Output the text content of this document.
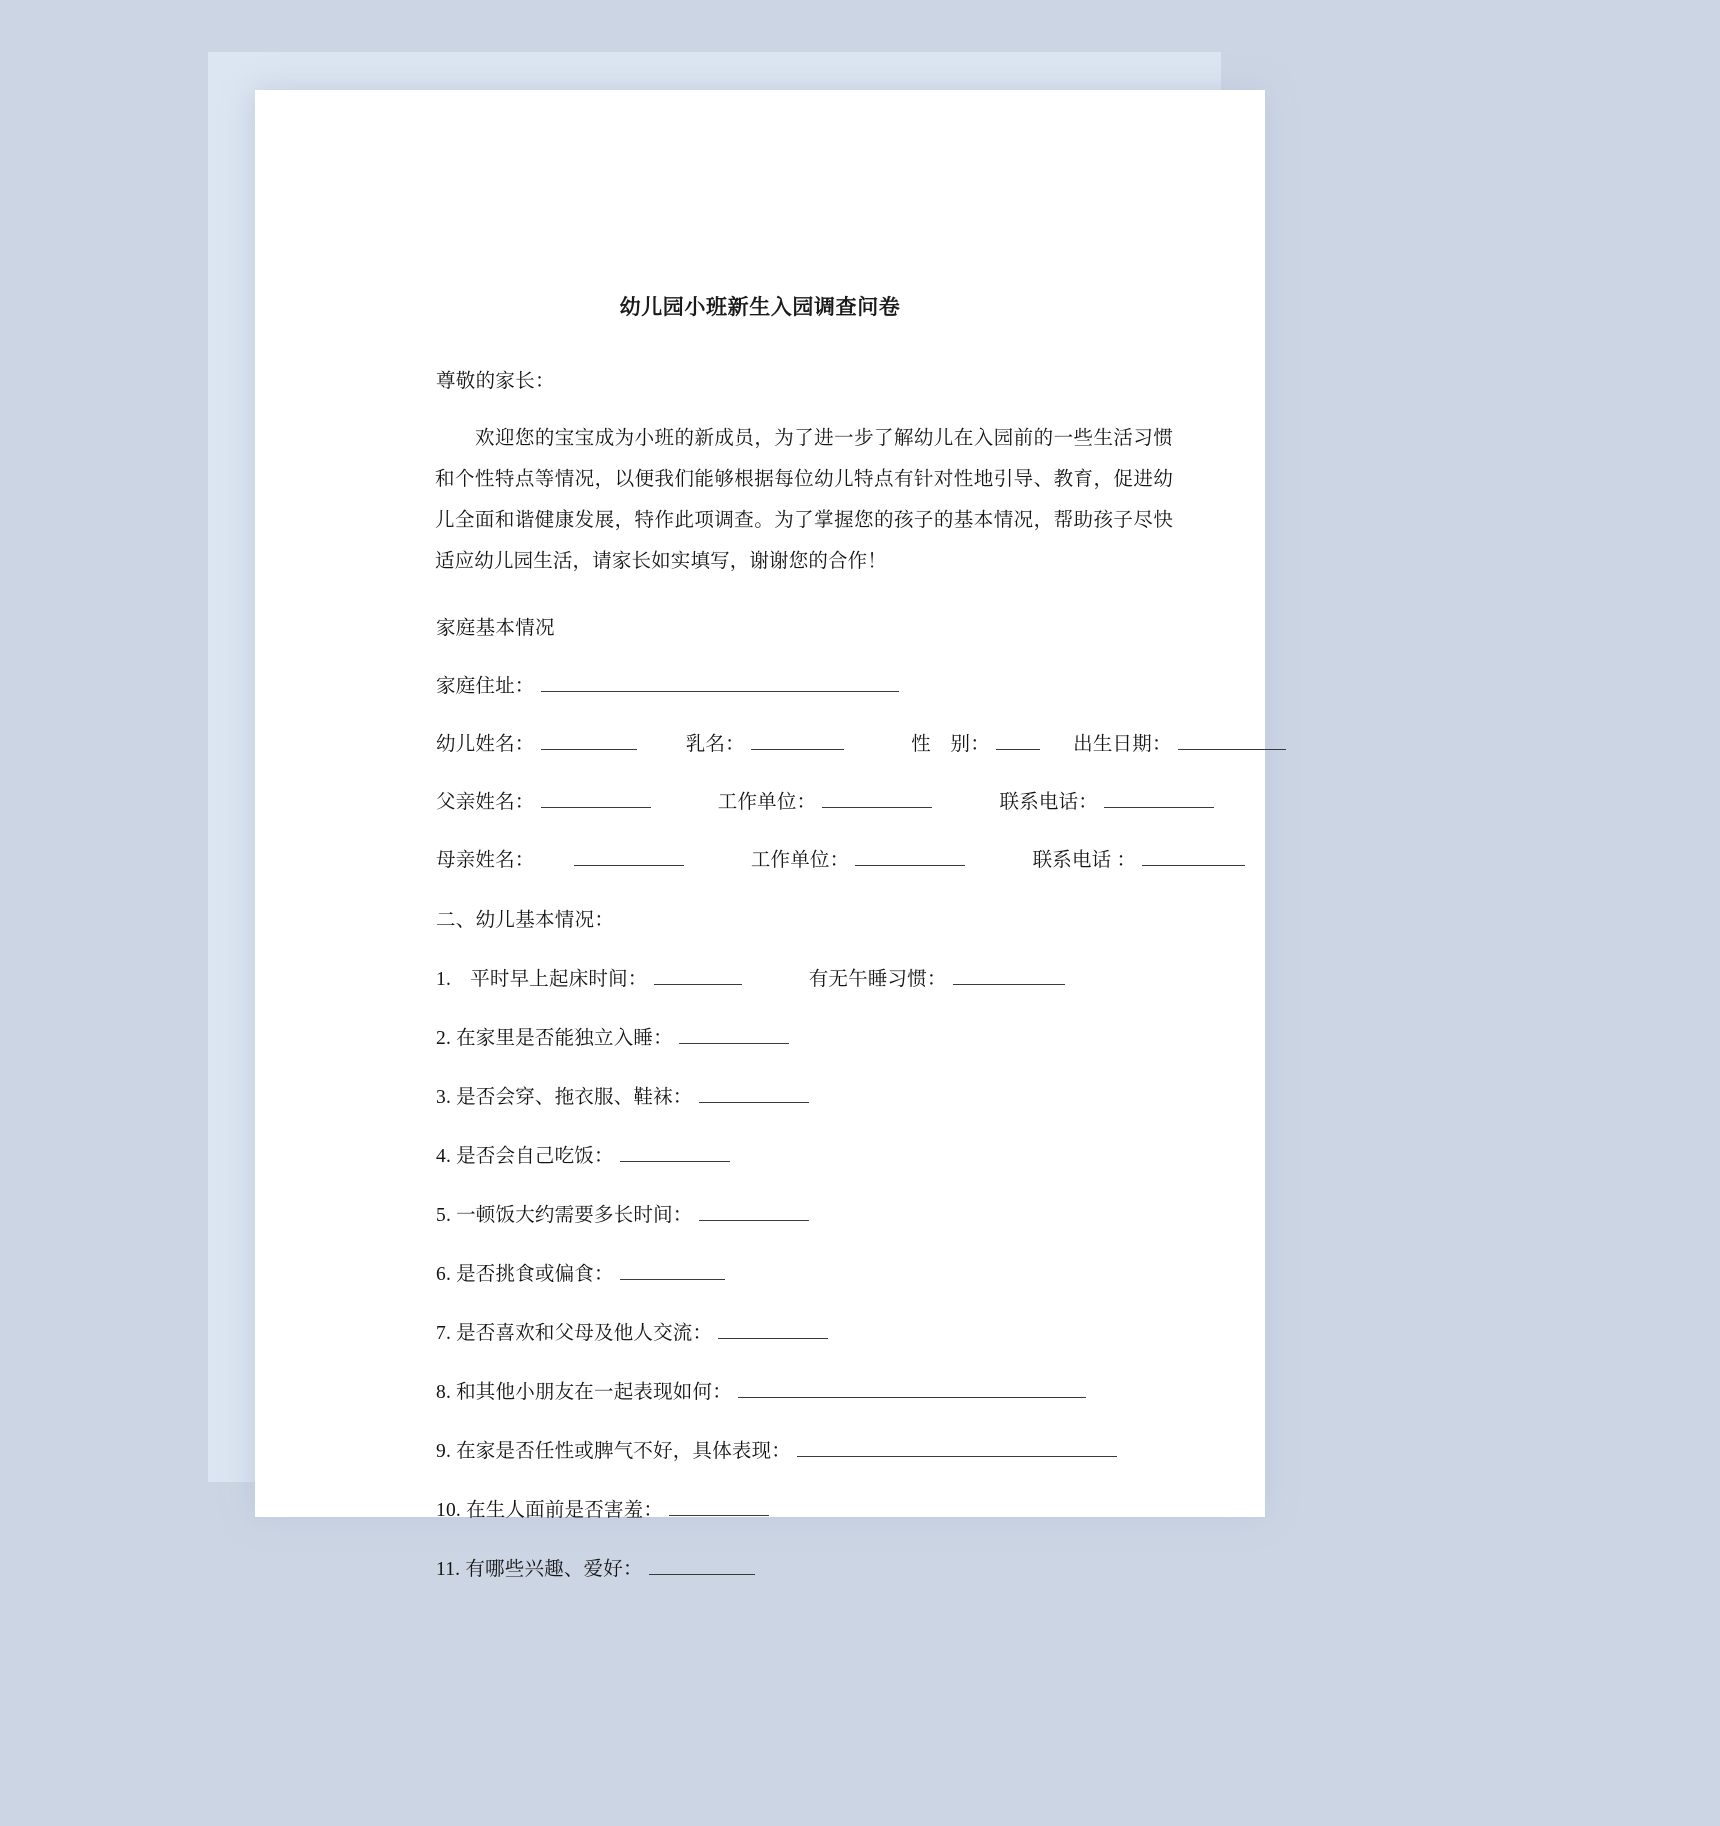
幼儿园小班新生入园调查问卷
尊敬的家长：
欢迎您的宝宝成为小班的新成员，为了进一步了解幼儿在入园前的一些生活习惯和个性特点等情况，以便我们能够根据每位幼儿特点有针对性地引导、教育，促进幼儿全面和谐健康发展，特作此项调查。为了掌握您的孩子的基本情况，帮助孩子尽快适应幼儿园生活，请家长如实填写，谢谢您的合作！
家庭基本情况
家庭住址：
幼儿姓名：	乳名：	性　别：	出生日期：
父亲姓名：	工作单位：	联系电话：
母亲姓名：	工作单位：	联系电话 ：
二、幼儿基本情况：
1. 平时早上起床时间：	有无午睡习惯：
2. 在家里是否能独立入睡：
3. 是否会穿、拖衣服、鞋袜：
4. 是否会自己吃饭：
5. 一顿饭大约需要多长时间：
6. 是否挑食或偏食：
7. 是否喜欢和父母及他人交流：
8. 和其他小朋友在一起表现如何：
9. 在家是否任性或脾气不好，具体表现：
10. 在生人面前是否害羞：
11. 有哪些兴趣、爱好：
